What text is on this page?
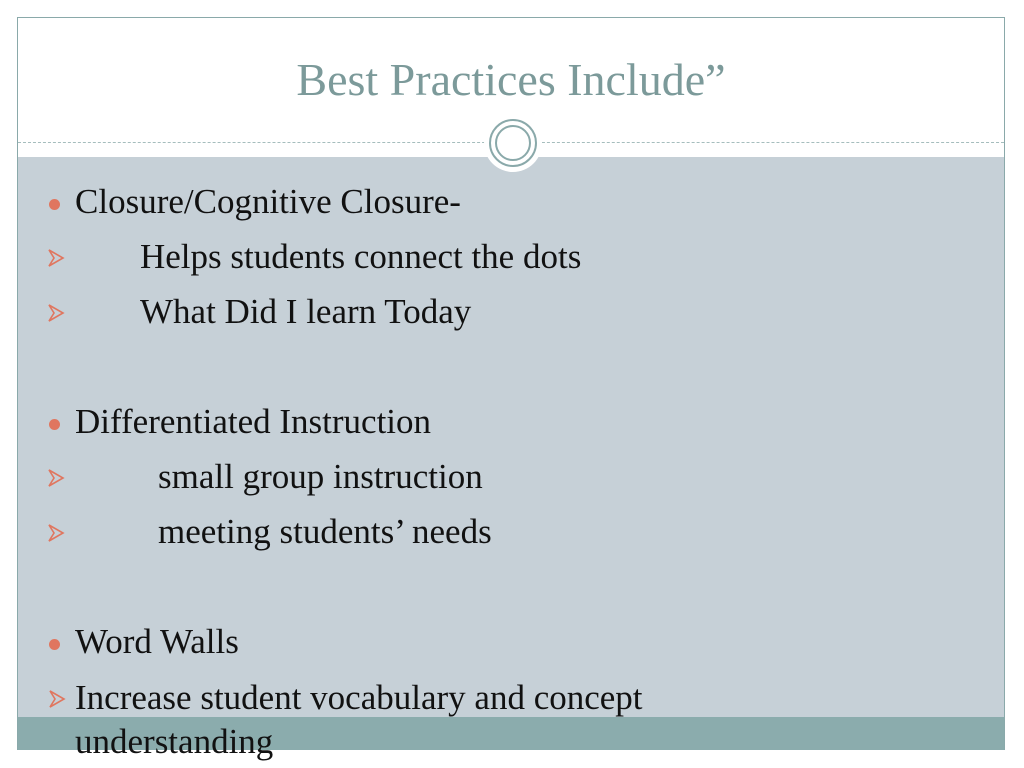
Best Practices Include”
Closure/Cognitive Closure-
Helps students connect the dots
What Did I learn Today
Differentiated Instruction
small group instruction
meeting students’ needs
Word Walls
Increase student vocabulary and concept understanding
